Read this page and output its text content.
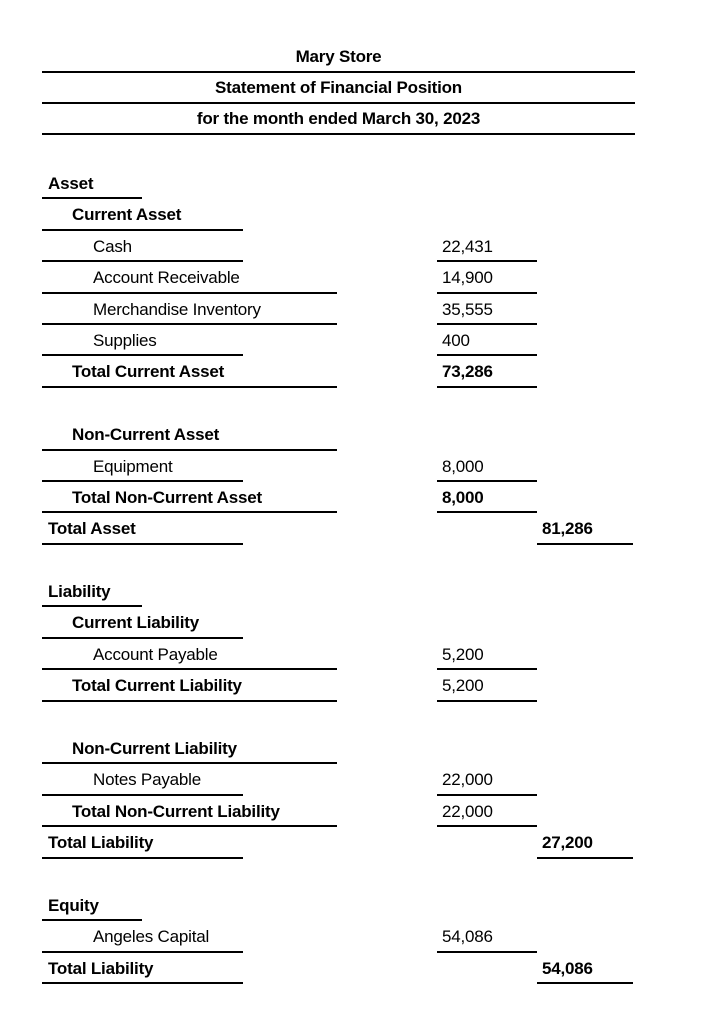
Mary Store
Statement of Financial Position
for the month ended March 30, 2023
Asset
Current Asset
Cash	22,431
Account Receivable	14,900
Merchandise Inventory	35,555
Supplies	400
Total Current Asset	73,286
Non-Current Asset
Equipment	8,000
Total Non-Current Asset	8,000
Total Asset	81,286
Liability
Current Liability
Account Payable	5,200
Total Current Liability	5,200
Non-Current Liability
Notes Payable	22,000
Total Non-Current Liability	22,000
Total Liability	27,200
Equity
Angeles Capital	54,086
Total Liability	54,086
